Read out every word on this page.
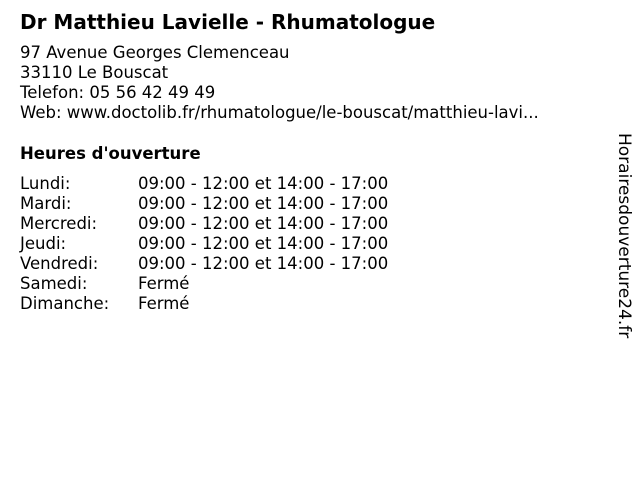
Dr Matthieu Lavielle - Rhumatologue
97 Avenue Georges Clemenceau
33110 Le Bouscat
Telefon: 05 56 42 49 49
Web: www.doctolib.fr/rhumatologue/le-bouscat/matthieu-lavi...
Heures d'ouverture
Lundi:	09:00 - 12:00 et 14:00 - 17:00
Mardi:	09:00 - 12:00 et 14:00 - 17:00
Mercredi:	09:00 - 12:00 et 14:00 - 17:00
Jeudi:	09:00 - 12:00 et 14:00 - 17:00
Vendredi:	09:00 - 12:00 et 14:00 - 17:00
Samedi:	Fermé
Dimanche:	Fermé	Horairesdouverture24.fr
